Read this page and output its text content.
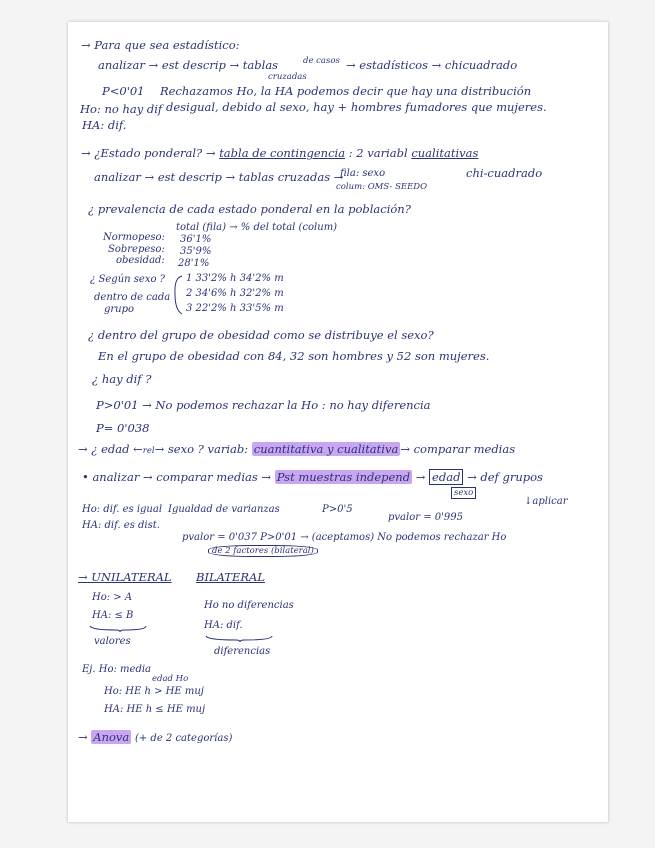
→ Para que sea estadístico:
analizar → est descrip → tablas	de casos → estadísticos → chicuadrado
cruzadas
P<0'01 Rechazamos Ho, la HA podemos decir que hay una distribución
Ho: no hay dif desigual, debido al sexo, hay + hombres fumadores que mujeres.
HA: dif.
→ ¿Estado ponderal? → tabla de contingencia : 2 variabl cualitativas
analizar → est descrip → tablas cruzadas →
fila: sexo	chi-cuadrado
colum: OMS- SEEDO
¿ prevalencia de cada estado ponderal en la población?
total (fila) → % del total (colum)
Normopeso: 36'1%
Sobrepeso: 35'9%
obesidad: 28'1%
¿ Según sexo ? 1 33'2% h 34'2% m
dentro de cada 2 34'6% h 32'2% m
grupo	3 22'2% h 33'5% m
¿ dentro del grupo de obesidad como se distribuye el sexo?
En el grupo de obesidad con 84, 32 son hombres y 52 son mujeres.
¿ hay dif ?
P>0'01 → No podemos rechazar la Ho : no hay diferencia
P= 0'038
→ ¿ edad ←rel→ sexo ? variab: cuantitativa y cualitativa → comparar medias
• analizar → comparar medias → Pst muestras independ → edad → def grupos
sexo
↓aplicar
Ho: dif. es igual Igualdad de varianzas	P>0'5
pvalor = 0'995
HA: dif. es dist.
pvalor = 0'037 P>0'01 → (aceptamos) No podemos rechazar Ho
de 2 factores (bilateral)
→ UNILATERAL BILATERAL
Ho: > A
Ho no diferencias
HA: ≤ B
HA: dif.
valores
diferencias
Ej. Ho: media
edad Ho
Ho: HE h > HE muj
HA: HE h ≤ HE muj
→ Anova (+ de 2 categorías)
